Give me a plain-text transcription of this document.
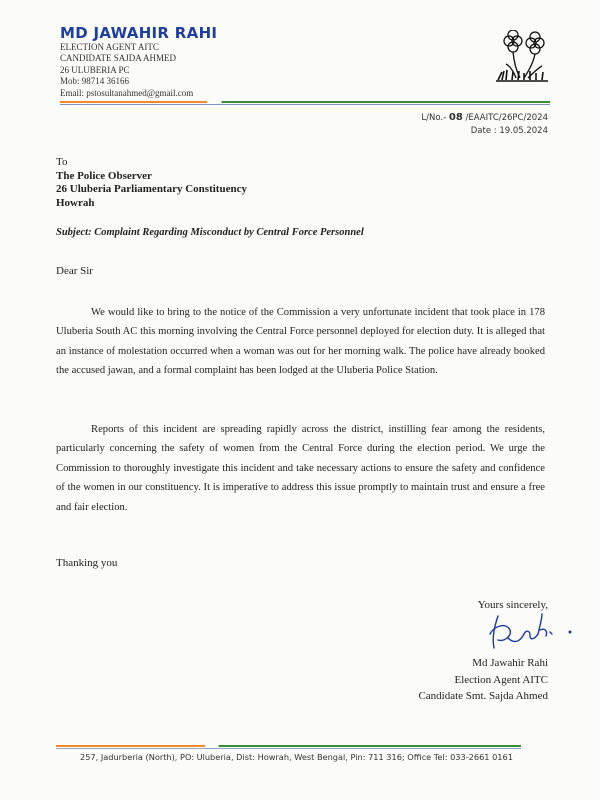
MD JAWAHIR RAHI
ELECTION AGENT AITC
CANDIDATE SAJDA AHMED
26 ULUBERIA PC
Mob: 98714 36166
Email: pstosultanahmed@gmail.com
L/No.- 08 /EAAITC/26PC/2024
Date : 19.05.2024
To
The Police Observer
26 Uluberia Parliamentary Constituency
Howrah
Subject: Complaint Regarding Misconduct by Central Force Personnel
Dear Sir

We would like to bring to the notice of the Commission a very unfortunate incident that took place in 178 Uluberia South AC this morning involving the Central Force personnel deployed for election duty. It is alleged that an instance of molestation occurred when a woman was out for her morning walk. The police have already booked the accused jawan, and a formal complaint has been lodged at the Uluberia Police Station.

Reports of this incident are spreading rapidly across the district, instilling fear among the residents, particularly concerning the safety of women from the Central Force during the election period. We urge the Commission to thoroughly investigate this incident and take necessary actions to ensure the safety and confidence of the women in our constituency. It is imperative to address this issue promptly to maintain trust and ensure a free and fair election.

Thanking you
Yours sincerely,
Md Jawahir Rahi
Election Agent AITC
Candidate Smt. Sajda Ahmed
257, Jadurberia (North), PO: Uluberia, Dist: Howrah, West Bengal, Pin: 711 316; Office Tel: 033-2661 0161
